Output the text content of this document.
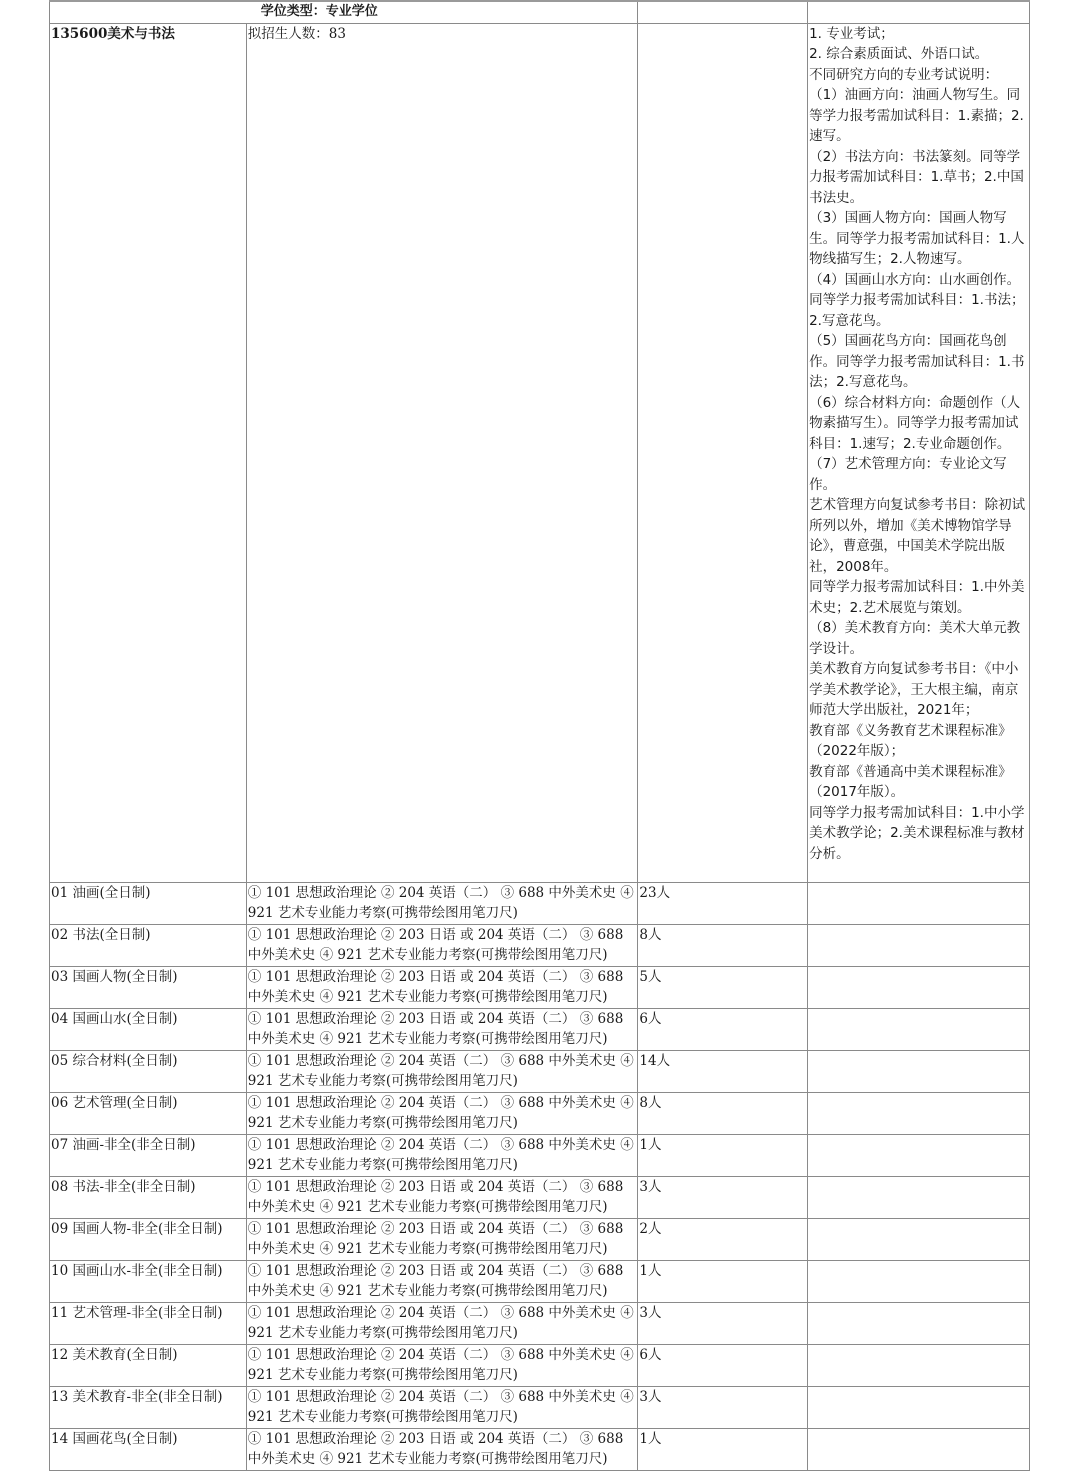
学位类型：专业学位			
135600美术与书法	拟招生人数：83		1. 专业考试；
2. 综合素质面试、外语口试。
不同研究方向的专业考试说明：
（1）油画方向：油画人物写生。同等学力报考需加试科目：1.素描；2.速写。
（2）书法方向：书法篆刻。同等学力报考需加试科目：1.草书；2.中国书法史。
（3）国画人物方向：国画人物写生。同等学力报考需加试科目：1.人物线描写生；2.人物速写。
（4）国画山水方向：山水画创作。同等学力报考需加试科目：1.书法；2.写意花鸟。
（5）国画花鸟方向：国画花鸟创作。同等学力报考需加试科目：1.书法；2.写意花鸟。
（6）综合材料方向：命题创作（人物素描写生）。同等学力报考需加试科目：1.速写；2.专业命题创作。
（7）艺术管理方向：专业论文写作。
艺术管理方向复试参考书目：除初试所列以外，增加《美术博物馆学导论》，曹意强，中国美术学院出版社，2008年。
同等学力报考需加试科目：1.中外美术史；2.艺术展览与策划。
（8）美术教育方向：美术大单元教学设计。
美术教育方向复试参考书目：《中小学美术教学论》，王大根主编，南京师范大学出版社，2021年；
教育部《义务教育艺术课程标准》（2022年版）；
教育部《普通高中美术课程标准》（2017年版）。
同等学力报考需加试科目：1.中小学美术教学论；2.美术课程标准与教材分析。

01 油画(全日制)	① 101 思想政治理论 ② 204 英语（二） ③ 688 中外美术史 ④ 921 艺术专业能力考察(可携带绘图用笔刀尺)	23人	
02 书法(全日制)	① 101 思想政治理论 ② 203 日语 或 204 英语（二） ③ 688 中外美术史 ④ 921 艺术专业能力考察(可携带绘图用笔刀尺)	8人	
03 国画人物(全日制)	① 101 思想政治理论 ② 203 日语 或 204 英语（二） ③ 688 中外美术史 ④ 921 艺术专业能力考察(可携带绘图用笔刀尺)	5人	
04 国画山水(全日制)	① 101 思想政治理论 ② 203 日语 或 204 英语（二） ③ 688 中外美术史 ④ 921 艺术专业能力考察(可携带绘图用笔刀尺)	6人	
05 综合材料(全日制)	① 101 思想政治理论 ② 204 英语（二） ③ 688 中外美术史 ④ 921 艺术专业能力考察(可携带绘图用笔刀尺)	14人	
06 艺术管理(全日制)	① 101 思想政治理论 ② 204 英语（二） ③ 688 中外美术史 ④ 921 艺术专业能力考察(可携带绘图用笔刀尺)	8人	
07 油画-非全(非全日制)	① 101 思想政治理论 ② 204 英语（二） ③ 688 中外美术史 ④ 921 艺术专业能力考察(可携带绘图用笔刀尺)	1人	
08 书法-非全(非全日制)	① 101 思想政治理论 ② 203 日语 或 204 英语（二） ③ 688 中外美术史 ④ 921 艺术专业能力考察(可携带绘图用笔刀尺)	3人	
09 国画人物-非全(非全日制)	① 101 思想政治理论 ② 203 日语 或 204 英语（二） ③ 688 中外美术史 ④ 921 艺术专业能力考察(可携带绘图用笔刀尺)	2人	
10 国画山水-非全(非全日制)	① 101 思想政治理论 ② 203 日语 或 204 英语（二） ③ 688 中外美术史 ④ 921 艺术专业能力考察(可携带绘图用笔刀尺)	1人	
11 艺术管理-非全(非全日制)	① 101 思想政治理论 ② 204 英语（二） ③ 688 中外美术史 ④ 921 艺术专业能力考察(可携带绘图用笔刀尺)	3人	
12 美术教育(全日制)	① 101 思想政治理论 ② 204 英语（二） ③ 688 中外美术史 ④ 921 艺术专业能力考察(可携带绘图用笔刀尺)	6人	
13 美术教育-非全(非全日制)	① 101 思想政治理论 ② 204 英语（二） ③ 688 中外美术史 ④ 921 艺术专业能力考察(可携带绘图用笔刀尺)	3人	
14 国画花鸟(全日制)	① 101 思想政治理论 ② 203 日语 或 204 英语（二） ③ 688 中外美术史 ④ 921 艺术专业能力考察(可携带绘图用笔刀尺)	1人	
